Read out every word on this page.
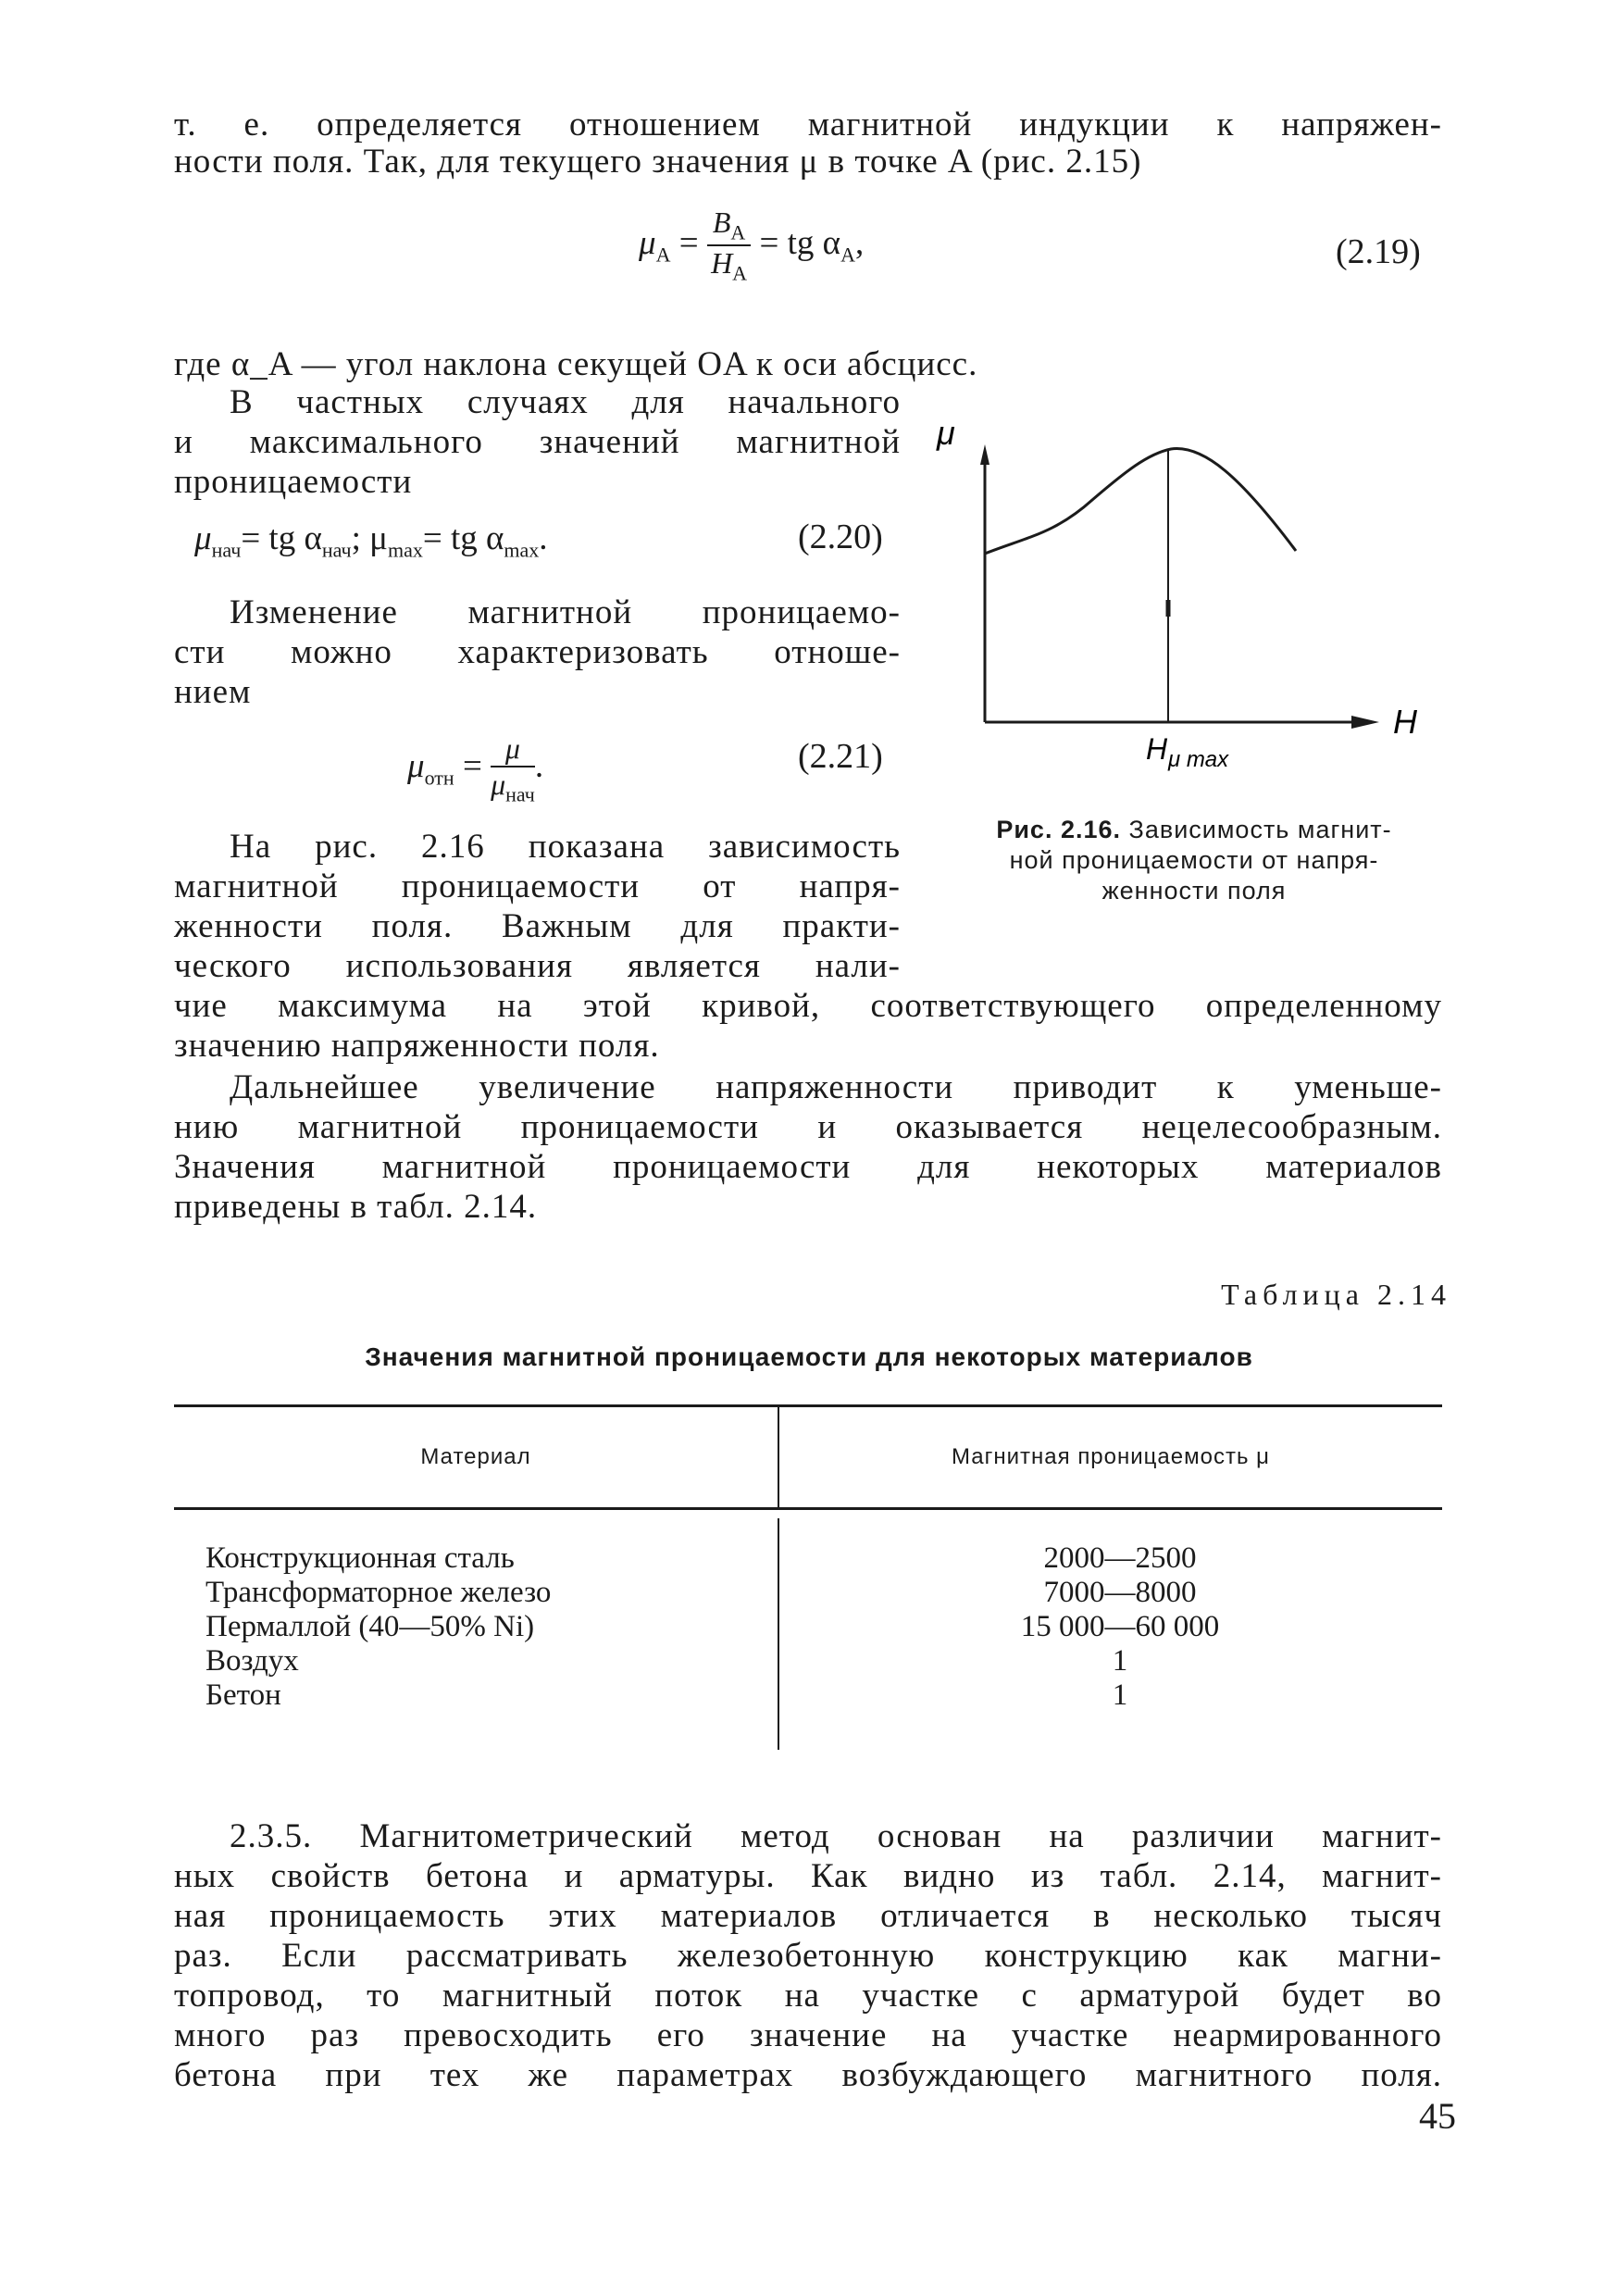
т. е. определяется отношением магнитной индукции к напряжен-
ности поля. Так, для текущего значения μ в точке A (рис. 2.15)
$\mu_A = \frac{B_A}{H_A}$ = tg $\alpha_A$,	(2.19)
где α_A — угол наклона секущей OA к оси абсцисс.
В частных случаях для начального
и максимального значений магнитной
проницаемости
$\mu_{нач}=$ tg $\alpha_{нач}$; $\mu_{max}=$ tg $\alpha_{max}$.	(2.20)
Изменение магнитной проницаемо-
сти можно характеризовать отноше-
нием
$\mu_{отн} = \frac{\mu}{\mu_{нач}}$ .	(2.21)
μ
H
H μ max
Рис. 2.16. Зависимость магнит-
ной проницаемости от напря-
женности поля
На рис. 2.16 показана зависимость
магнитной проницаемости от напря-
женности поля. Важным для практи-
ческого использования является нали-
чие максимума на этой кривой, соответствующего определенному
значению напряженности поля.
Дальнейшее увеличение напряженности приводит к уменьше-
нию магнитной проницаемости и оказывается нецелесообразным.
Значения магнитной проницаемости для некоторых материалов
приведены в табл. 2.14.
Таблица 2.14
Значения магнитной проницаемости для некоторых материалов
Материал	Магнитная проницаемость μ
Конструкционная сталь	2000—2500
Трансформаторное железо	7000—8000
Пермаллой (40—50% Ni)	15 000—60 000
Воздух	1
Бетон	1
2.3.5. Магнитометрический метод основан на различии магнит-
ных свойств бетона и арматуры. Как видно из табл. 2.14, магнит-
ная проницаемость этих материалов отличается в несколько тысяч
раз. Если рассматривать железобетонную конструкцию как магни-
топровод, то магнитный поток на участке с арматурой будет во
много раз превосходить его значение на участке неармированного
бетона при тех же параметрах возбуждающего магнитного поля.
45
